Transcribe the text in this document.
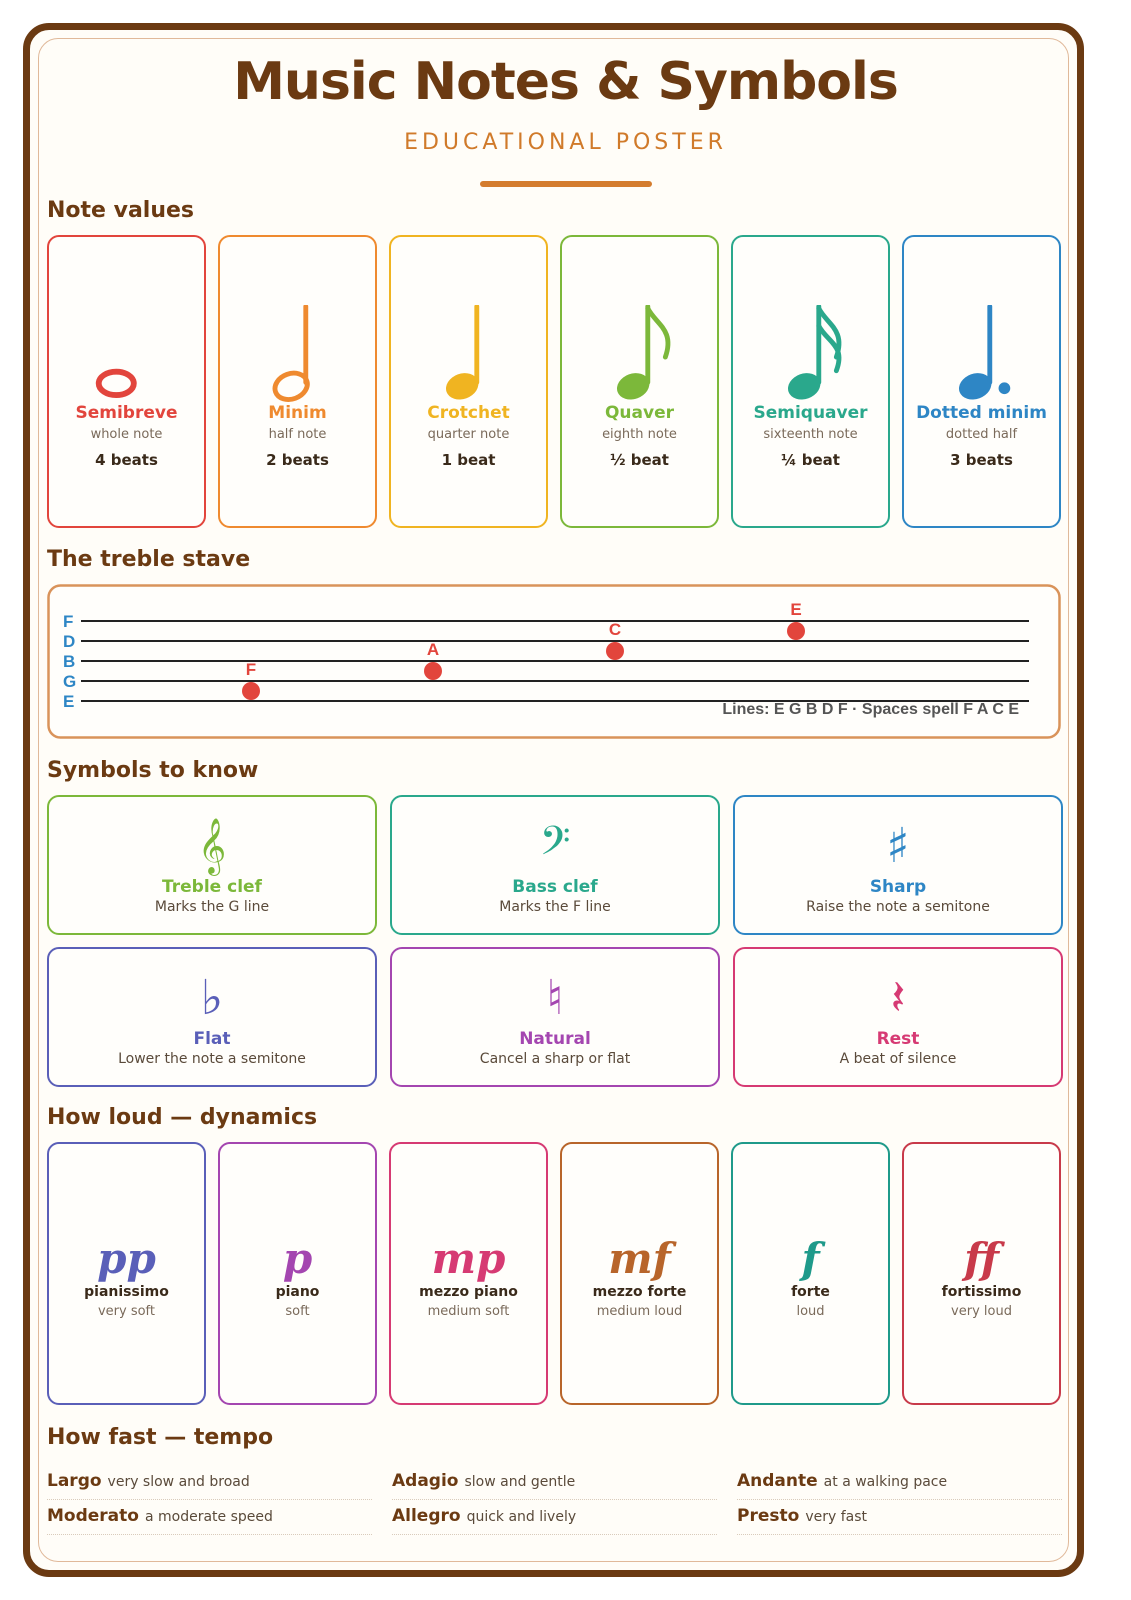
Music Notes & Symbols
EDUCATIONAL POSTER
Note values
Semibreve
whole note
4 beats
Minim
half note
2 beats
Crotchet
quarter note
1 beat
Quaver
eighth note
½ beat
Semiquaver
sixteenth note
¼ beat
Dotted minim
dotted half
3 beats
The treble stave
F
D
B
G
E
F
A
C
E
Lines: E G B D F · Spaces spell F A C E
Symbols to know
𝄞
Treble clef
Marks the G line
𝄢
Bass clef
Marks the F line
♯
Sharp
Raise the note a semitone
♭
Flat
Lower the note a semitone
♮
Natural
Cancel a sharp or flat
𝄽
Rest
A beat of silence
How loud — dynamics
pp
pianissimo
very soft
p
piano
soft
mp
mezzo piano
medium soft
mf
mezzo forte
medium loud
f
forte
loud
ff
fortissimo
very loud
How fast — tempo
Largo very slow and broad	Adagio slow and gentle	Andante at a walking pace
Moderato a moderate speed	Allegro quick and lively	Presto very fast
